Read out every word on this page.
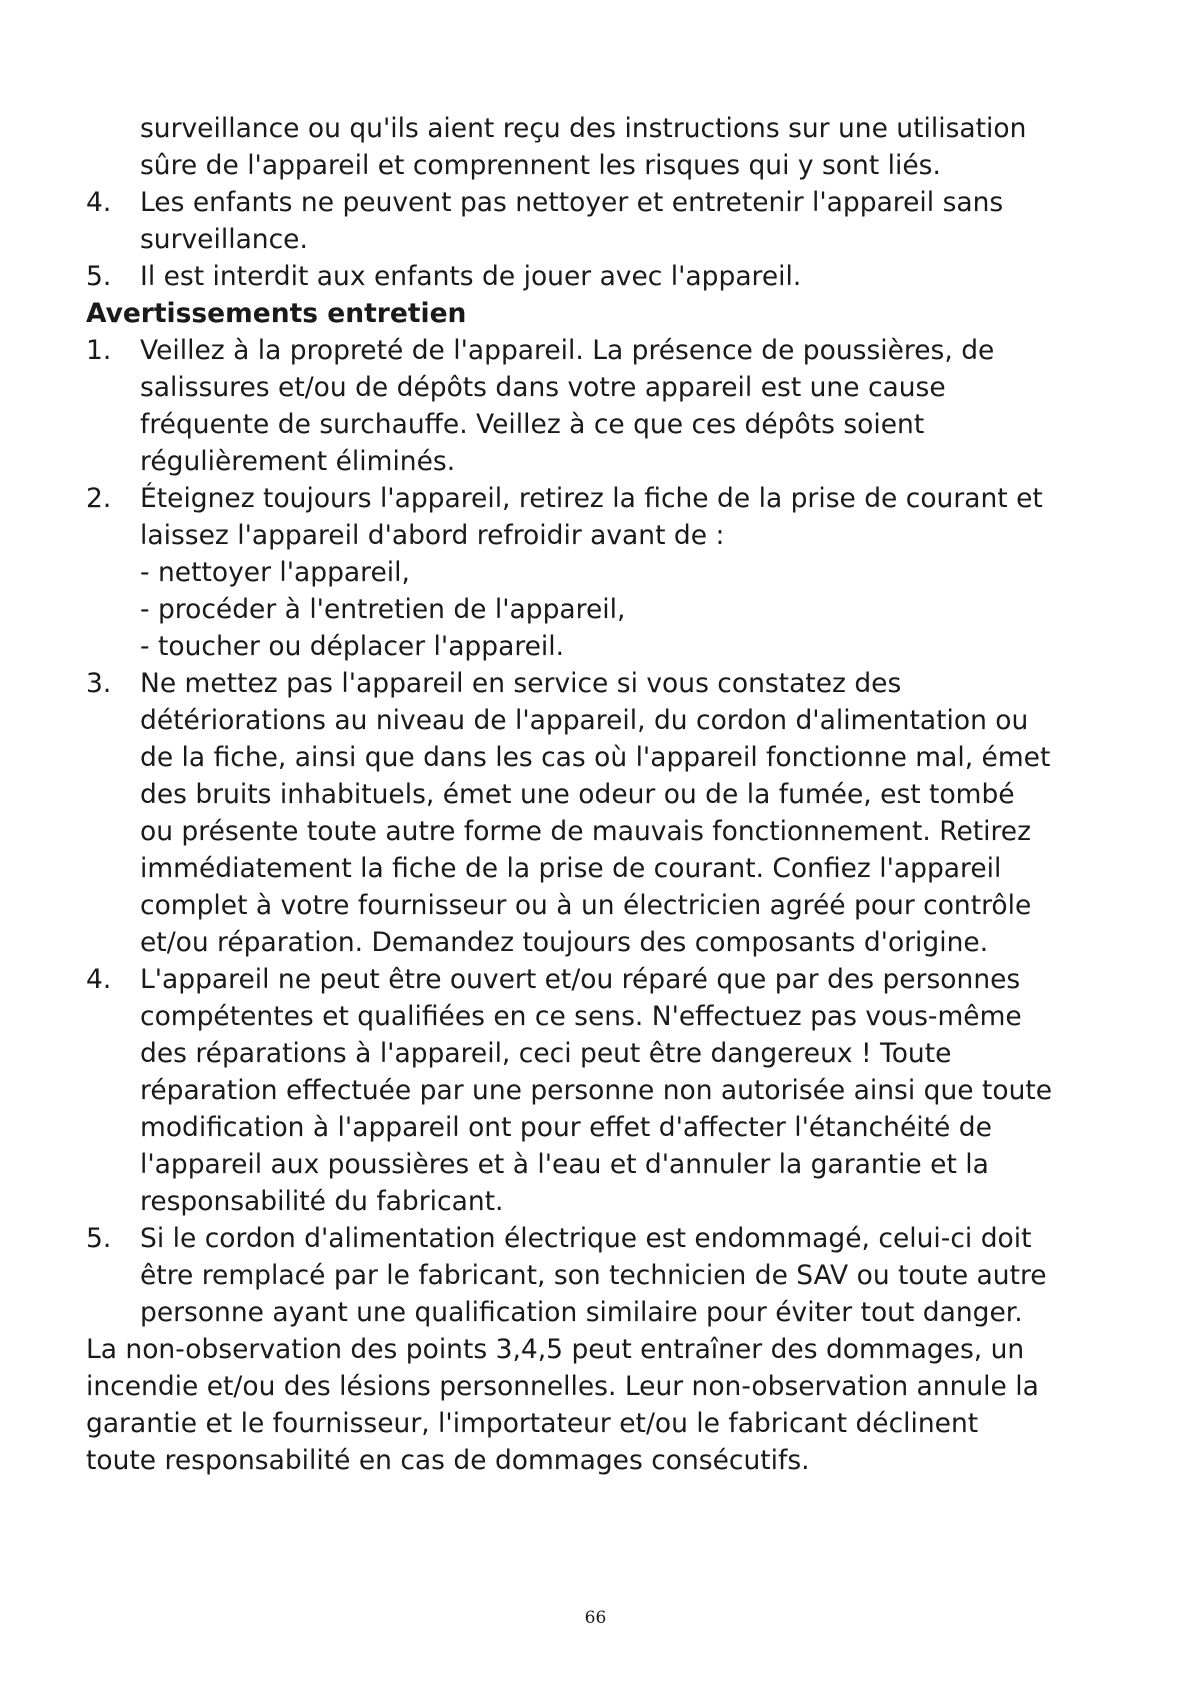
surveillance ou qu'ils aient reçu des instructions sur une utilisation
sûre de l'appareil et comprennent les risques qui y sont liés.
4.	Les enfants ne peuvent pas nettoyer et entretenir l'appareil sans
surveillance.
5.	Il est interdit aux enfants de jouer avec l'appareil.
Avertissements entretien
1.	Veillez à la propreté de l'appareil. La présence de poussières, de
salissures et/ou de dépôts dans votre appareil est une cause
fréquente de surchauffe. Veillez à ce que ces dépôts soient
régulièrement éliminés.
2.	Éteignez toujours l'appareil, retirez la fiche de la prise de courant et
laissez l'appareil d'abord refroidir avant de :
- nettoyer l'appareil,
- procéder à l'entretien de l'appareil,
- toucher ou déplacer l'appareil.
3.	Ne mettez pas l'appareil en service si vous constatez des
détériorations au niveau de l'appareil, du cordon d'alimentation ou
de la fiche, ainsi que dans les cas où l'appareil fonctionne mal, émet
des bruits inhabituels, émet une odeur ou de la fumée, est tombé
ou présente toute autre forme de mauvais fonctionnement. Retirez
immédiatement la fiche de la prise de courant. Confiez l'appareil
complet à votre fournisseur ou à un électricien agréé pour contrôle
et/ou réparation. Demandez toujours des composants d'origine.
4.	L'appareil ne peut être ouvert et/ou réparé que par des personnes
compétentes et qualifiées en ce sens. N'effectuez pas vous-même
des réparations à l'appareil, ceci peut être dangereux ! Toute
réparation effectuée par une personne non autorisée ainsi que toute
modification à l'appareil ont pour effet d'affecter l'étanchéité de
l'appareil aux poussières et à l'eau et d'annuler la garantie et la
responsabilité du fabricant.
5.	Si le cordon d'alimentation électrique est endommagé, celui-ci doit
être remplacé par le fabricant, son technicien de SAV ou toute autre
personne ayant une qualification similaire pour éviter tout danger.
La non-observation des points 3,4,5 peut entraîner des dommages, un
incendie et/ou des lésions personnelles. Leur non-observation annule la
garantie et le fournisseur, l'importateur et/ou le fabricant déclinent
toute responsabilité en cas de dommages consécutifs.
66
